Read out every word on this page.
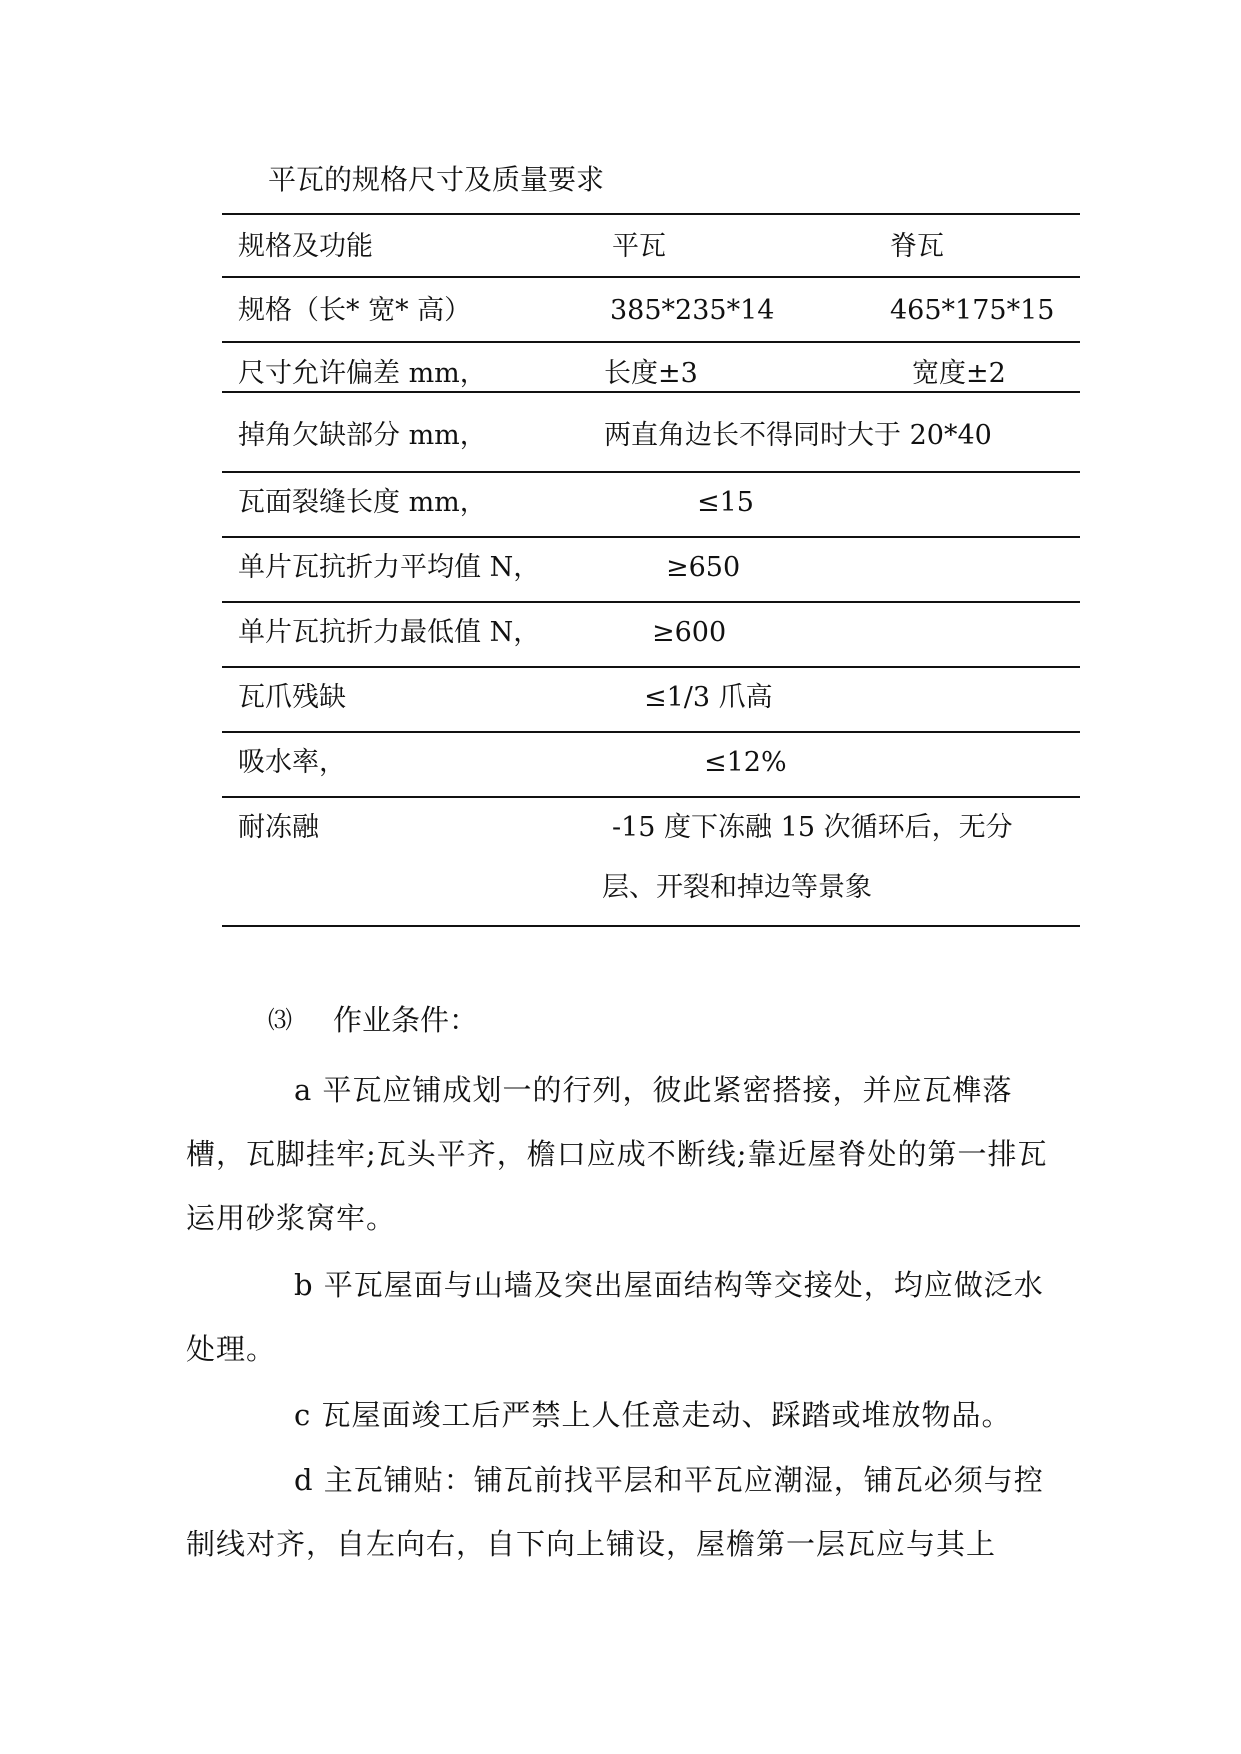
平瓦的规格尺寸及质量要求
规格及功能	平瓦	脊瓦
规格（长* 宽* 高）	385*235*14	465*175*15
尺寸允许偏差 mm，	长度±3	宽度±2
掉角欠缺部分 mm，	两直角边长不得同时大于 20*40
瓦面裂缝长度 mm，	≤15
单片瓦抗折力平均值 N，	≥650
单片瓦抗折力最低值 N，	≥600
瓦爪残缺	≤1/3 爪高
吸水率，	≤12%
耐冻融	-15 度下冻融 15 次循环后，无分
层、开裂和掉边等景象
⑶ 作业条件：
a 平瓦应铺成划一的行列，彼此紧密搭接，并应瓦榫落槽，瓦脚挂牢;瓦头平齐，檐口应成不断线;靠近屋脊处的第一排瓦运用砂浆窝牢。
b 平瓦屋面与山墙及突出屋面结构等交接处，均应做泛水处理。
c 瓦屋面竣工后严禁上人任意走动、踩踏或堆放物品。
d 主瓦铺贴：铺瓦前找平层和平瓦应潮湿，铺瓦必须与控制线对齐，自左向右，自下向上铺设，屋檐第一层瓦应与其上
